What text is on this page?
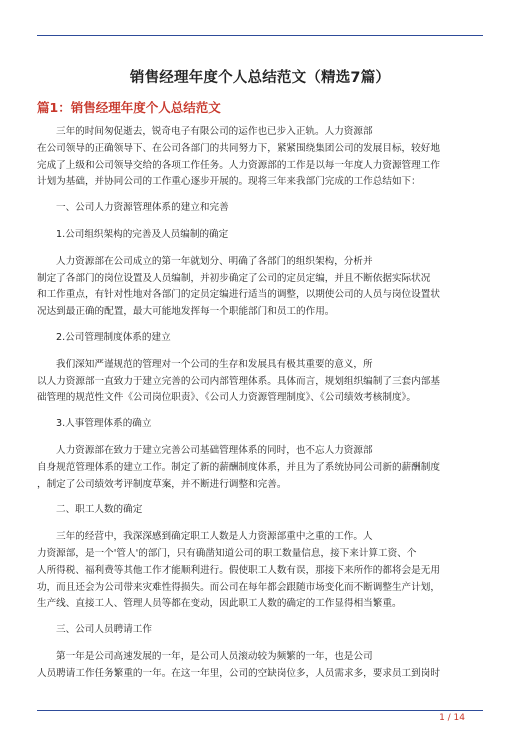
销售经理年度个人总结范文（精选7篇）
篇1：销售经理年度个人总结范文

三年的时间匆促逝去，锐奇电子有限公司的运作也已步入正轨。人力资源部
在公司领导的正确领导下、在公司各部门的共同努力下，紧紧围绕集团公司的发展目标，较好地
完成了上级和公司领导交给的各项工作任务。人力资源部的工作是以每一年度人力资源管理工作
计划为基础，并协同公司的工作重心逐步开展的。现将三年来我部门完成的工作总结如下：

一、公司人力资源管理体系的建立和完善
1.公司组织架构的完善及人员编制的确定

人力资源部在公司成立的第一年就划分、明确了各部门的组织架构，分析并
制定了各部门的岗位设置及人员编制，并初步确定了公司的定员定编，并且不断依据实际状况
和工作重点，有针对性地对各部门的定员定编进行适当的调整，以期使公司的人员与岗位设置状
况达到最正确的配置，最大可能地发挥每一个职能部门和员工的作用。

2.公司管理制度体系的建立

我们深知严谨规范的管理对一个公司的生存和发展具有极其重要的意义，所
以人力资源部一直致力于建立完善的公司内部管理体系。具体而言，规划组织编制了三套内部基
础管理的规范性文件《公司岗位职责》、《公司人力资源管理制度》、《公司绩效考核制度》。

3.人事管理体系的确立

人力资源部在致力于建立完善公司基础管理体系的同时，也不忘人力资源部
自身规范管理体系的建立工作。制定了新的薪酬制度体系，并且为了系统协同公司新的薪酬制度
，制定了公司绩效考评制度草案，并不断进行调整和完善。

二、职工人数的确定

三年的经营中，我深深感到确定职工人数是人力资源部重中之重的工作。人
力资源部，是一个'管人'的部门，只有确凿知道公司的职工数量信息，接下来计算工资、个
人所得税、福利费等其他工作才能顺利进行。假使职工人数有误，那接下来所作的都将会是无用
功，而且还会为公司带来灾难性得损失。而公司在每年都会跟随市场变化而不断调整生产计划，
生产线、直接工人、管理人员等都在变动，因此职工人数的确定的工作显得相当繁重。

三、公司人员聘请工作

第一年是公司高速发展的一年，是公司人员滚动较为频繁的一年，也是公司
人员聘请工作任务繁重的一年。在这一年里，公司的空缺岗位多，人员需求多，要求员工到岗时

1 / 14
